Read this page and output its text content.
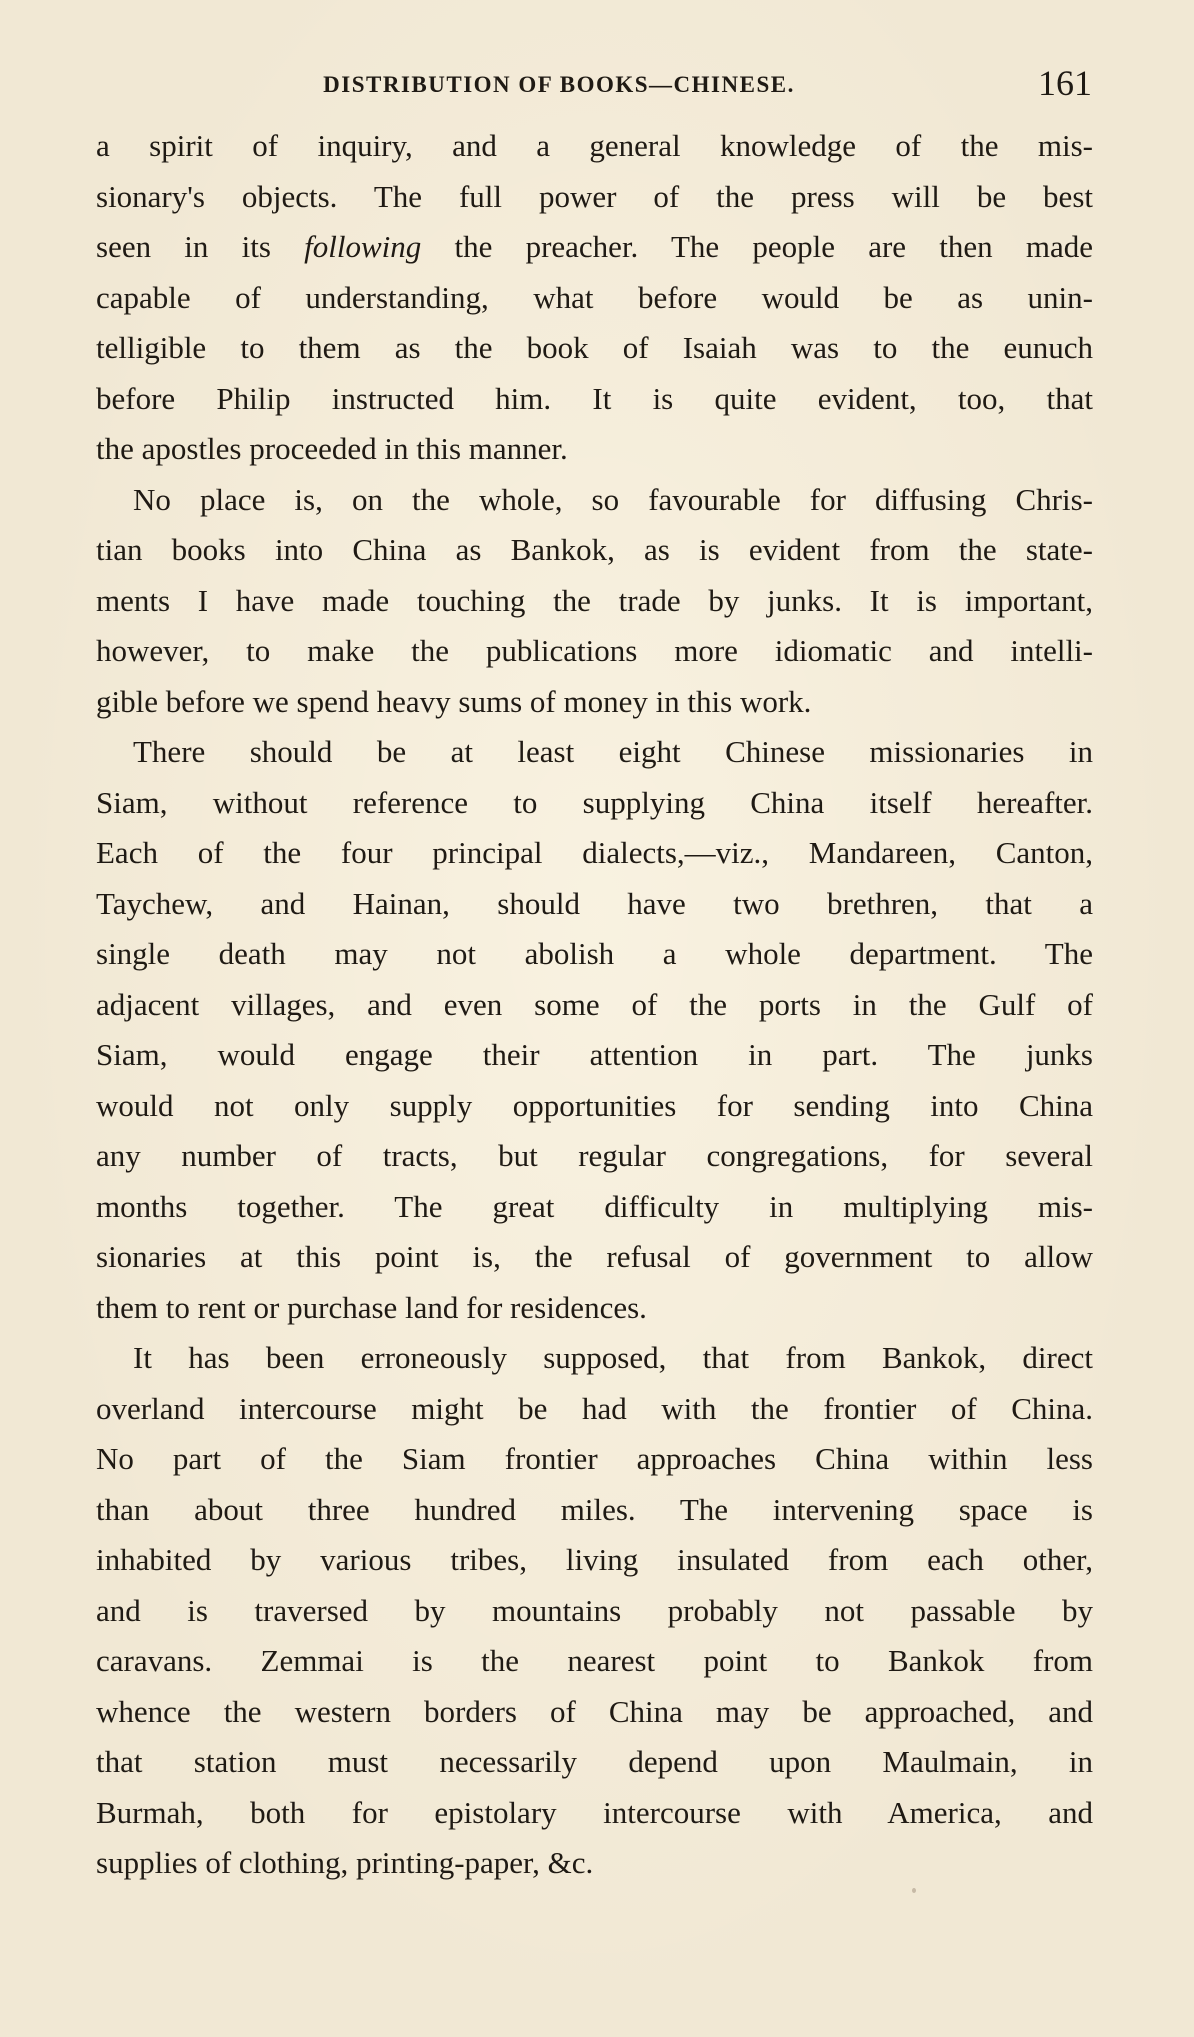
DISTRIBUTION OF BOOKS—CHINESE.	161
a spirit of inquiry, and a general knowledge of the mis-
sionary's objects. The full power of the press will be best
seen in its following the preacher. The people are then made
capable of understanding, what before would be as unin-
telligible to them as the book of Isaiah was to the eunuch
before Philip instructed him. It is quite evident, too, that
the apostles proceeded in this manner.
No place is, on the whole, so favourable for diffusing Chris-
tian books into China as Bankok, as is evident from the state-
ments I have made touching the trade by junks. It is important,
however, to make the publications more idiomatic and intelli-
gible before we spend heavy sums of money in this work.
There should be at least eight Chinese missionaries in
Siam, without reference to supplying China itself hereafter.
Each of the four principal dialects,—viz., Mandareen, Canton,
Taychew, and Hainan, should have two brethren, that a
single death may not abolish a whole department. The
adjacent villages, and even some of the ports in the Gulf of
Siam, would engage their attention in part. The junks
would not only supply opportunities for sending into China
any number of tracts, but regular congregations, for several
months together. The great difficulty in multiplying mis-
sionaries at this point is, the refusal of government to allow
them to rent or purchase land for residences.
It has been erroneously supposed, that from Bankok, direct
overland intercourse might be had with the frontier of China.
No part of the Siam frontier approaches China within less
than about three hundred miles. The intervening space is
inhabited by various tribes, living insulated from each other,
and is traversed by mountains probably not passable by
caravans. Zemmai is the nearest point to Bankok from
whence the western borders of China may be approached, and
that station must necessarily depend upon Maulmain, in
Burmah, both for epistolary intercourse with America, and
supplies of clothing, printing-paper, &c.
